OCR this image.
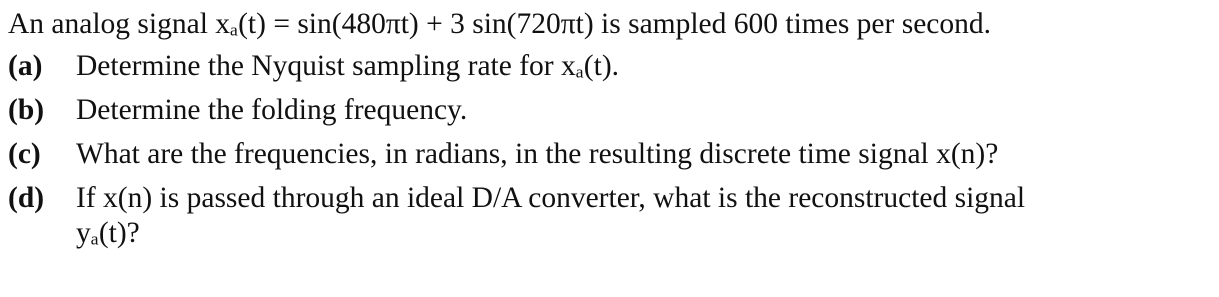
An analog signal xₐ(t) = sin(480πt) + 3 sin(720πt) is sampled 600 times per second.
(a) Determine the Nyquist sampling rate for xₐ(t).
(b) Determine the folding frequency.
(c) What are the frequencies, in radians, in the resulting discrete time signal x(n)?
(d) If x(n) is passed through an ideal D/A converter, what is the reconstructed signal
yₐ(t)?
